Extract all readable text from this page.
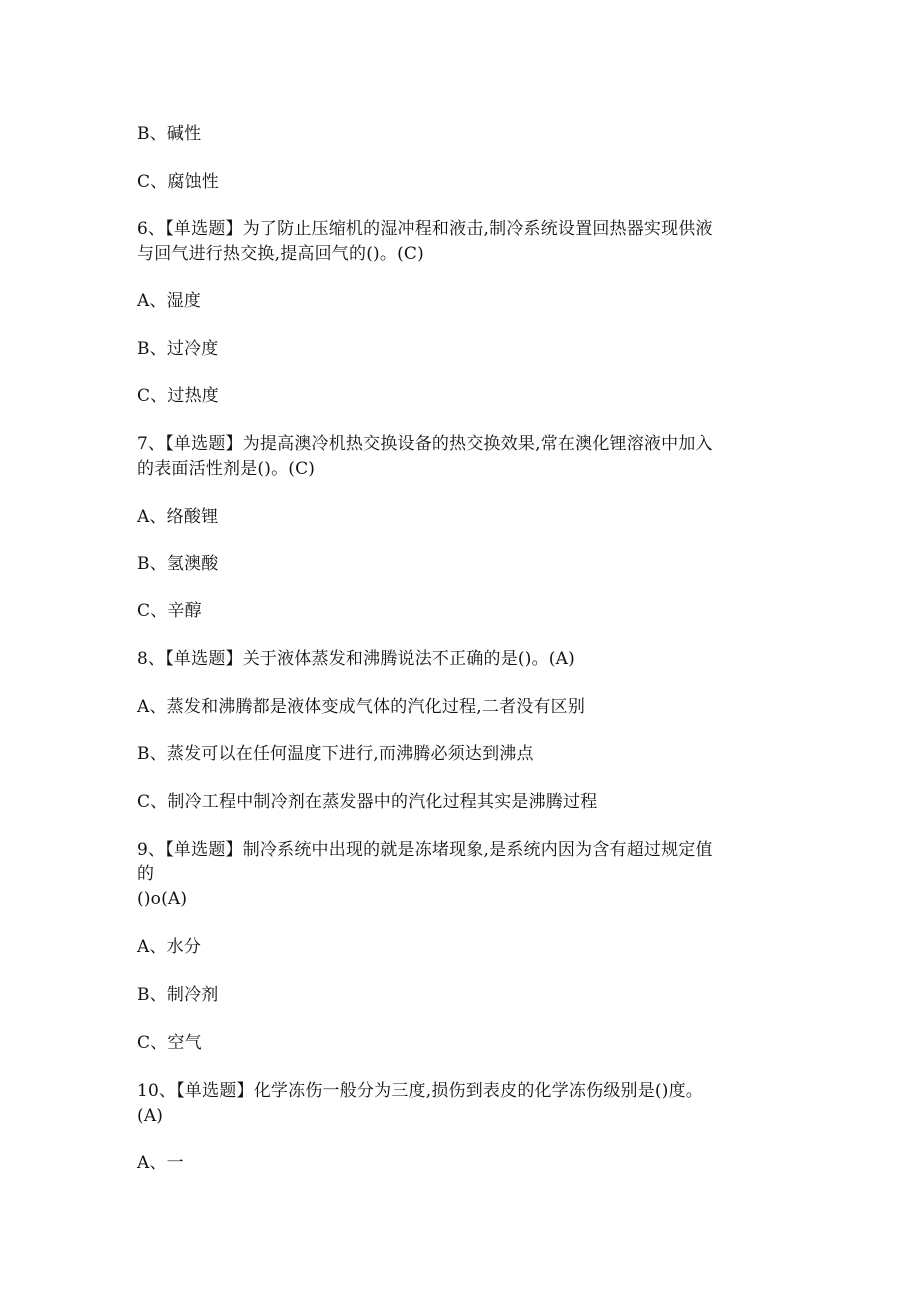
B、碱性
C、腐蚀性
6、【单选题】为了防止压缩机的湿冲程和液击,制冷系统设置回热器实现供液
与回气进行热交换,提高回气的()。(C)
A、湿度
B、过冷度
C、过热度
7、【单选题】为提高澳冷机热交换设备的热交换效果,常在澳化锂溶液中加入
的表面活性剂是()。(C)
A、络酸锂
B、氢澳酸
C、辛醇
8、【单选题】关于液体蒸发和沸腾说法不正确的是()。(A)
A、蒸发和沸腾都是液体变成气体的汽化过程,二者没有区别
B、蒸发可以在任何温度下进行,而沸腾必须达到沸点
C、制冷工程中制冷剂在蒸发器中的汽化过程其实是沸腾过程
9、【单选题】制冷系统中出现的就是冻堵现象,是系统内因为含有超过规定值
的
()o(A)
A、水分
B、制冷剂
C、空气
10、【单选题】化学冻伤一般分为三度,损伤到表皮的化学冻伤级别是()度。
(A)
A、一
